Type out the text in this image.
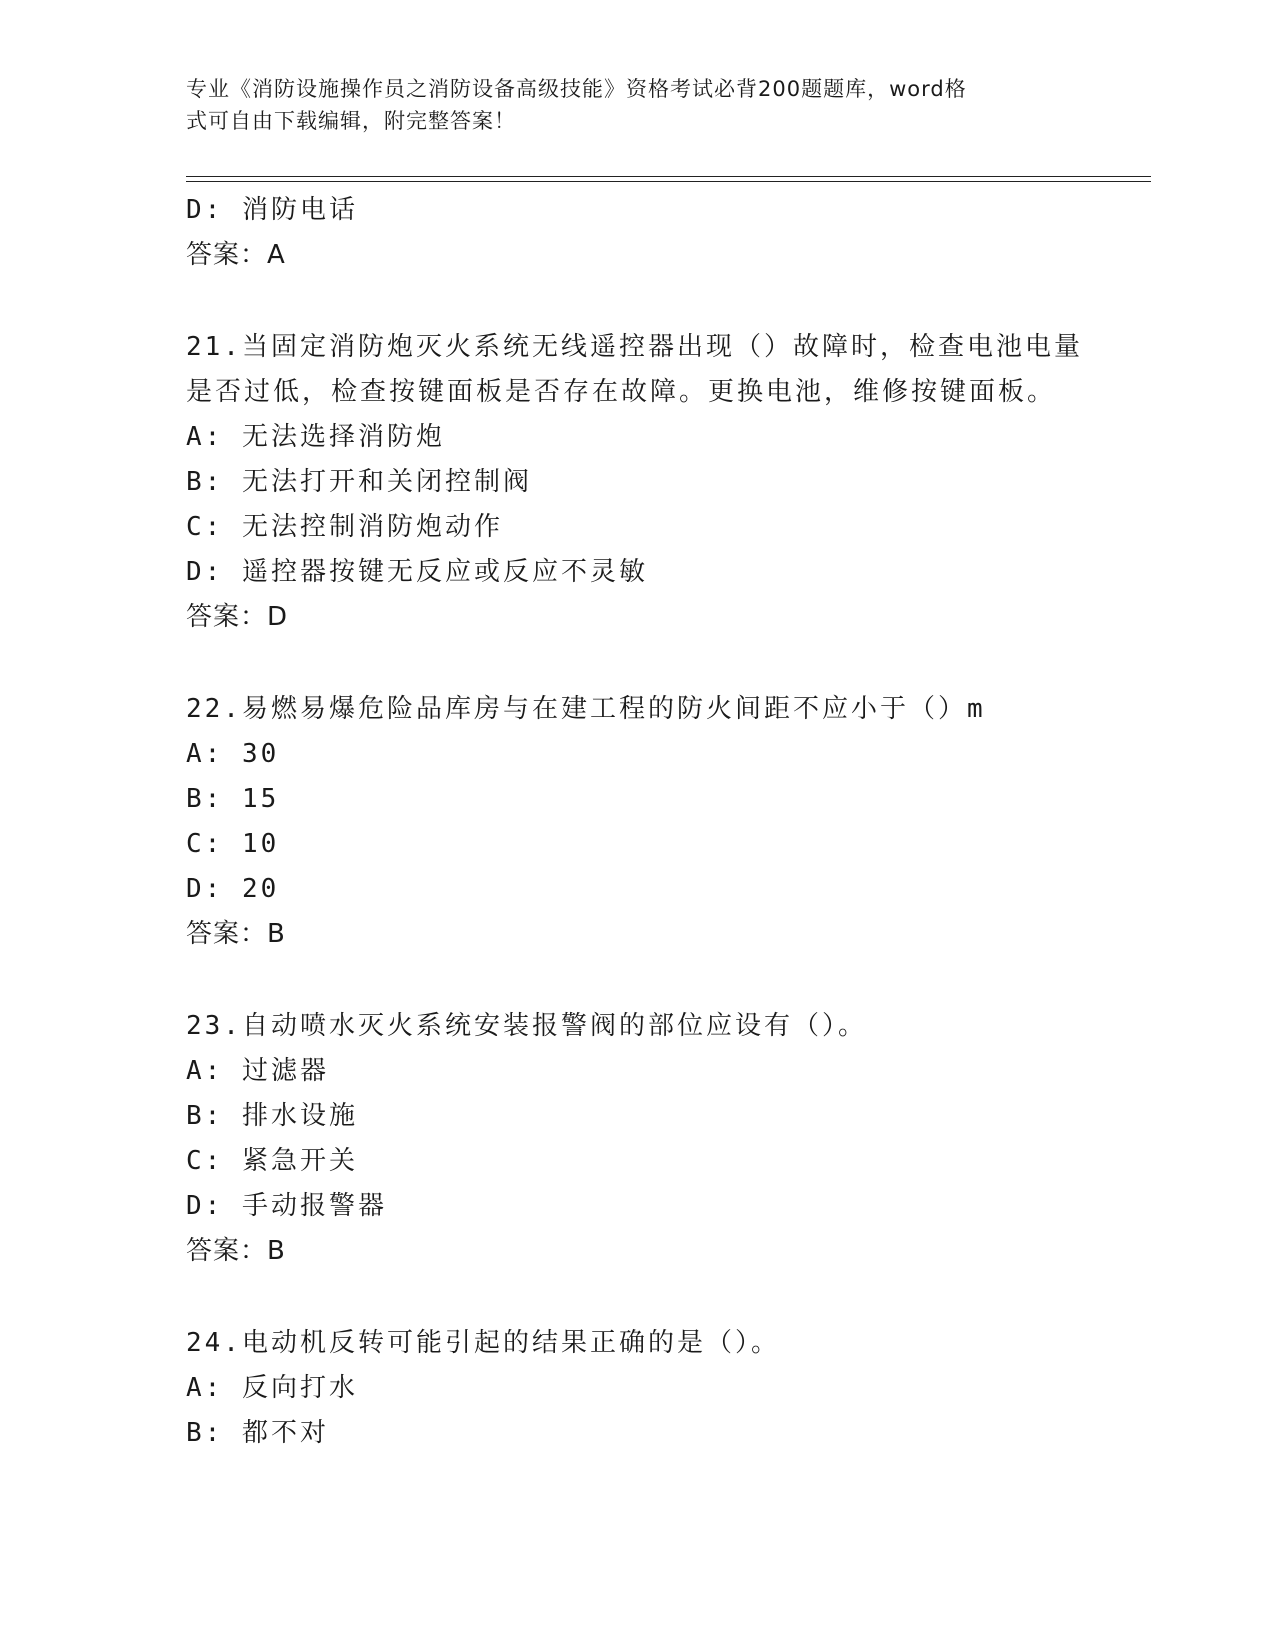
专业《消防设施操作员之消防设备高级技能》资格考试必背200题题库，word格
式可自由下载编辑，附完整答案！
D: 消防电话
答案：A
21.当固定消防炮灭火系统无线遥控器出现（）故障时，检查电池电量
是否过低，检查按键面板是否存在故障。更换电池，维修按键面板。
A: 无法选择消防炮
B: 无法打开和关闭控制阀
C: 无法控制消防炮动作
D: 遥控器按键无反应或反应不灵敏
答案：D
22.易燃易爆危险品库房与在建工程的防火间距不应小于（）m
A: 30
B: 15
C: 10
D: 20
答案：B
23.自动喷水灭火系统安装报警阀的部位应设有（）。
A: 过滤器
B: 排水设施
C: 紧急开关
D: 手动报警器
答案：B
24.电动机反转可能引起的结果正确的是（）。
A: 反向打水
B: 都不对
